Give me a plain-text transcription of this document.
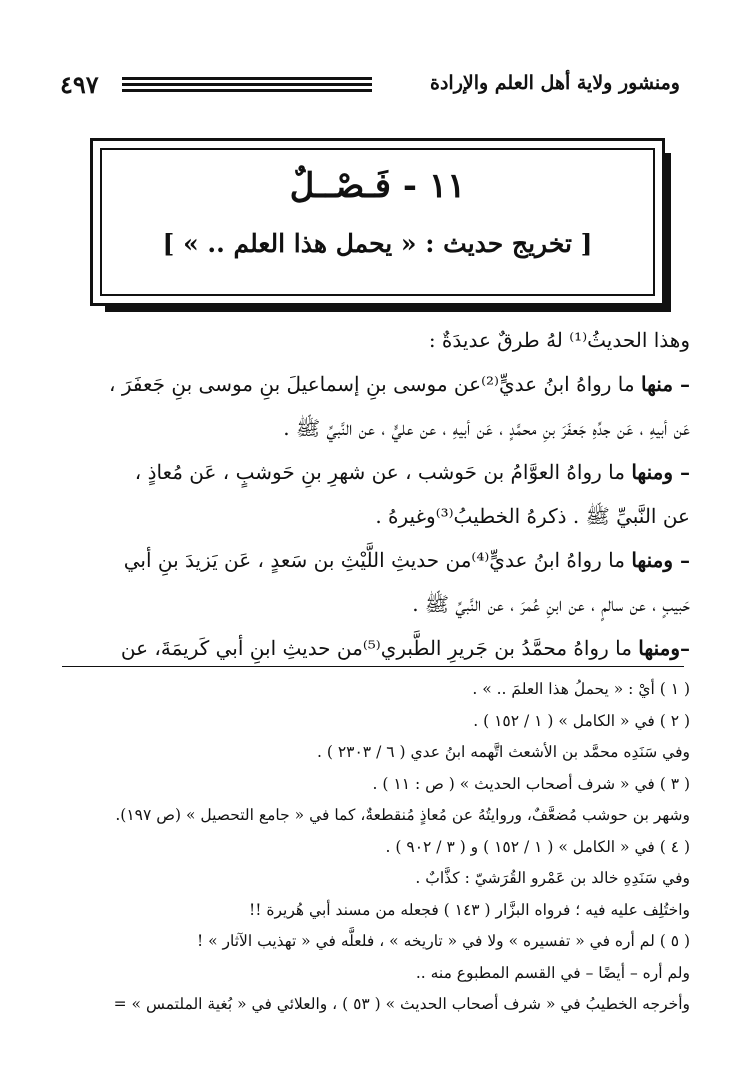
٤٩٧	ومنشور ولاية أهل العلم والإرادة
١١ - فَـصْــلٌ
[ تخريج حديث : « يحمل هذا العلم .. » ]

وهذا الحديثُ⁽¹⁾ لهُ طرقٌ عديدَةٌ :

– منها ما رواهُ ابنُ عديٍّ⁽²⁾عن موسى بنِ إسماعيلَ بنِ موسى بنِ جَعفَرَ ،

عَن أبيهِ ، عَن جدِّهِ جَعفَرَ بنِ محمَّدٍ ، عَن أبيهِ ، عن عليٍّ ، عن النَّبيِّ ﷺ .

– ومنها ما رواهُ العوَّامُ بن حَوشب ، عن شهرِ بنِ حَوشبٍ ، عَن مُعاذٍ ،

عن النَّبيِّ ﷺ . ذكرهُ الخطيبُ⁽³⁾وغيرهُ .

– ومنها ما رواهُ ابنُ عديٍّ⁽⁴⁾من حديثِ اللَّيْثِ بن سَعدٍ ، عَن يَزيدَ بنِ أبي

حَبيبٍ ، عن سالمٍ ، عن ابنِ عُمرَ ، عن النَّبيِّ ﷺ .

–ومنها ما رواهُ محمَّدُ بن جَريرِ الطَّبري⁽⁵⁾من حديثِ ابنِ أبي كَريمَةَ، عن

( ١ ) أيْ : « يحملُ هذا العلمَ .. » .

( ٢ ) في « الكامل » ( ١ / ١٥٢ ) .

وفي سَنَدِه محمَّد بن الأشعث اتَّهمه ابنُ عدي ( ٦ / ٢٣٠٣ ) .

( ٣ ) في « شرف أصحاب الحديث » ( ص : ١١ ) .

وشهر بن حوشب مُضعَّفٌ، وروايتُهُ عن مُعاذٍ مُنقطعةٌ، كما في « جامع التحصيل » (ص ١٩٧).

( ٤ ) في « الكامل » ( ١ / ١٥٢ ) و ( ٣ / ٩٠٢ ) .

وفي سَنَدِهِ خالد بن عَمْرو القُرَشيّ : كذَّابٌ .

واختُلِف عليه فيه ؛ فرواه البزَّار ( ١٤٣ ) فجعله من مسند أبي هُريرة !!

( ٥ ) لم أره في « تفسيره » ولا في « تاريخه » ، فلعلَّه في « تهذيب الآثار » !

ولم أره – أيضًا – في القسم المطبوع منه ..

وأخرجه الخطيبُ في « شرف أصحاب الحديث » ( ٥٣ ) ، والعلائي في « بُغية الملتمس » =
